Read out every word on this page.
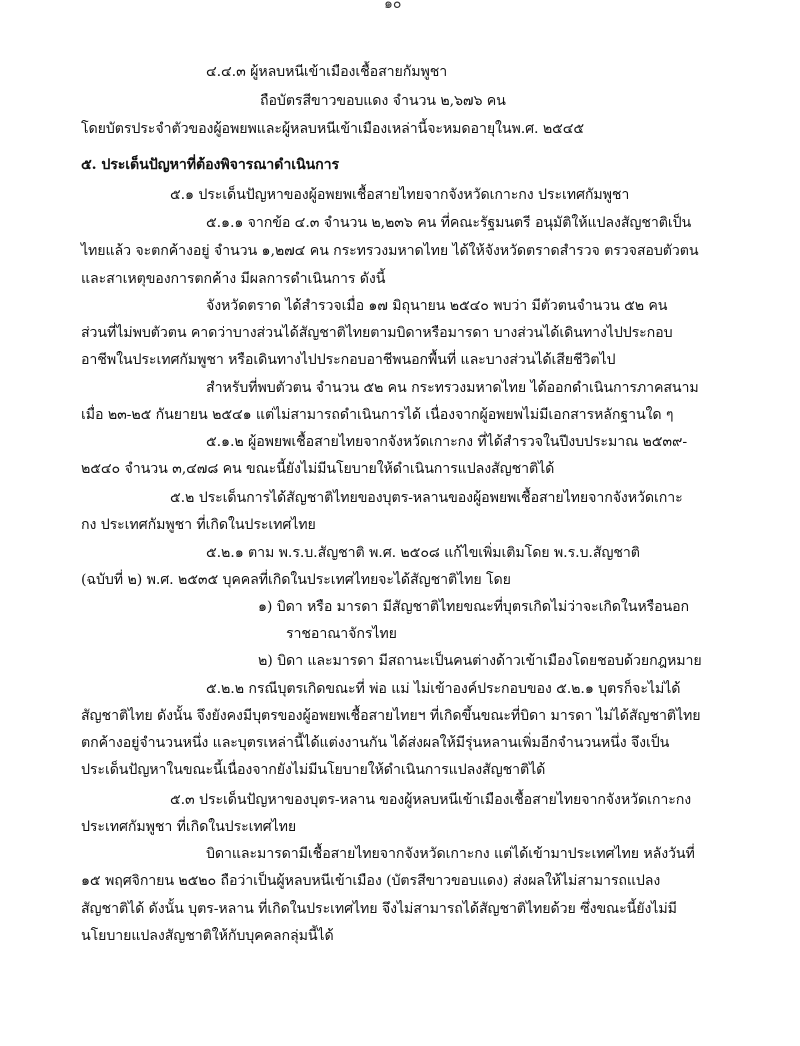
๑๐
๔.๔.๓ ผู้หลบหนีเข้าเมืองเชื้อสายกัมพูชา
ถือบัตรสีขาวขอบแดง จำนวน ๒,๖๗๖ คน
โดยบัตรประจำตัวของผู้อพยพและผู้หลบหนีเข้าเมืองเหล่านี้จะหมดอายุในพ.ศ. ๒๕๔๕
๕. ประเด็นปัญหาที่ต้องพิจารณาดำเนินการ
๕.๑ ประเด็นปัญหาของผู้อพยพเชื้อสายไทยจากจังหวัดเกาะกง ประเทศกัมพูชา
๕.๑.๑ จากข้อ ๔.๓ จำนวน ๒,๒๓๖ คน ที่คณะรัฐมนตรี อนุมัติให้แปลงสัญชาติเป็น
ไทยแล้ว จะตกค้างอยู่ จำนวน ๑,๒๗๔ คน กระทรวงมหาดไทย ได้ให้จังหวัดตราดสำรวจ ตรวจสอบตัวตน
และสาเหตุของการตกค้าง มีผลการดำเนินการ ดังนี้
จังหวัดตราด ได้สำรวจเมื่อ ๑๗ มิถุนายน ๒๕๔๐ พบว่า มีตัวตนจำนวน ๕๒ คน
ส่วนที่ไม่พบตัวตน คาดว่าบางส่วนได้สัญชาติไทยตามบิดาหรือมารดา บางส่วนได้เดินทางไปประกอบ
อาชีพในประเทศกัมพูชา หรือเดินทางไปประกอบอาชีพนอกพื้นที่ และบางส่วนได้เสียชีวิตไป
สำหรับที่พบตัวตน จำนวน ๕๒ คน กระทรวงมหาดไทย ได้ออกดำเนินการภาคสนาม
เมื่อ ๒๓-๒๕ กันยายน ๒๕๔๑ แต่ไม่สามารถดำเนินการได้ เนื่องจากผู้อพยพไม่มีเอกสารหลักฐานใด ๆ
๕.๑.๒ ผู้อพยพเชื้อสายไทยจากจังหวัดเกาะกง ที่ได้สำรวจในปีงบประมาณ ๒๕๓๙-
๒๕๔๐ จำนวน ๓,๔๗๘ คน ขณะนี้ยังไม่มีนโยบายให้ดำเนินการแปลงสัญชาติได้
๕.๒ ประเด็นการได้สัญชาติไทยของบุตร-หลานของผู้อพยพเชื้อสายไทยจากจังหวัดเกาะ
กง ประเทศกัมพูชา ที่เกิดในประเทศไทย
๕.๒.๑ ตาม พ.ร.บ.สัญชาติ พ.ศ. ๒๕๐๘ แก้ไขเพิ่มเติมโดย พ.ร.บ.สัญชาติ
(ฉบับที่ ๒) พ.ศ. ๒๕๓๕ บุคคลที่เกิดในประเทศไทยจะได้สัญชาติไทย โดย
๑) บิดา หรือ มารดา มีสัญชาติไทยขณะที่บุตรเกิดไม่ว่าจะเกิดในหรือนอก
ราชอาณาจักรไทย
๒) บิดา และมารดา มีสถานะเป็นคนต่างด้าวเข้าเมืองโดยชอบด้วยกฎหมาย
๕.๒.๒ กรณีบุตรเกิดขณะที่ พ่อ แม่ ไม่เข้าองค์ประกอบของ ๕.๒.๑ บุตรก็จะไม่ได้
สัญชาติไทย ดังนั้น จึงยังคงมีบุตรของผู้อพยพเชื้อสายไทยฯ ที่เกิดขึ้นขณะที่บิดา มารดา ไม่ได้สัญชาติไทย
ตกค้างอยู่จำนวนหนึ่ง และบุตรเหล่านี้ได้แต่งงานกัน ได้ส่งผลให้มีรุ่นหลานเพิ่มอีกจำนวนหนึ่ง จึงเป็น
ประเด็นปัญหาในขณะนี้เนื่องจากยังไม่มีนโยบายให้ดำเนินการแปลงสัญชาติได้
๕.๓ ประเด็นปัญหาของบุตร-หลาน ของผู้หลบหนีเข้าเมืองเชื้อสายไทยจากจังหวัดเกาะกง
ประเทศกัมพูชา ที่เกิดในประเทศไทย
บิดาและมารดามีเชื้อสายไทยจากจังหวัดเกาะกง แต่ได้เข้ามาประเทศไทย หลังวันที่
๑๕ พฤศจิกายน ๒๕๒๐ ถือว่าเป็นผู้หลบหนีเข้าเมือง (บัตรสีขาวขอบแดง) ส่งผลให้ไม่สามารถแปลง
สัญชาติได้ ดังนั้น บุตร-หลาน ที่เกิดในประเทศไทย จึงไม่สามารถได้สัญชาติไทยด้วย ซึ่งขณะนี้ยังไม่มี
นโยบายแปลงสัญชาติให้กับบุคคลกลุ่มนี้ได้
